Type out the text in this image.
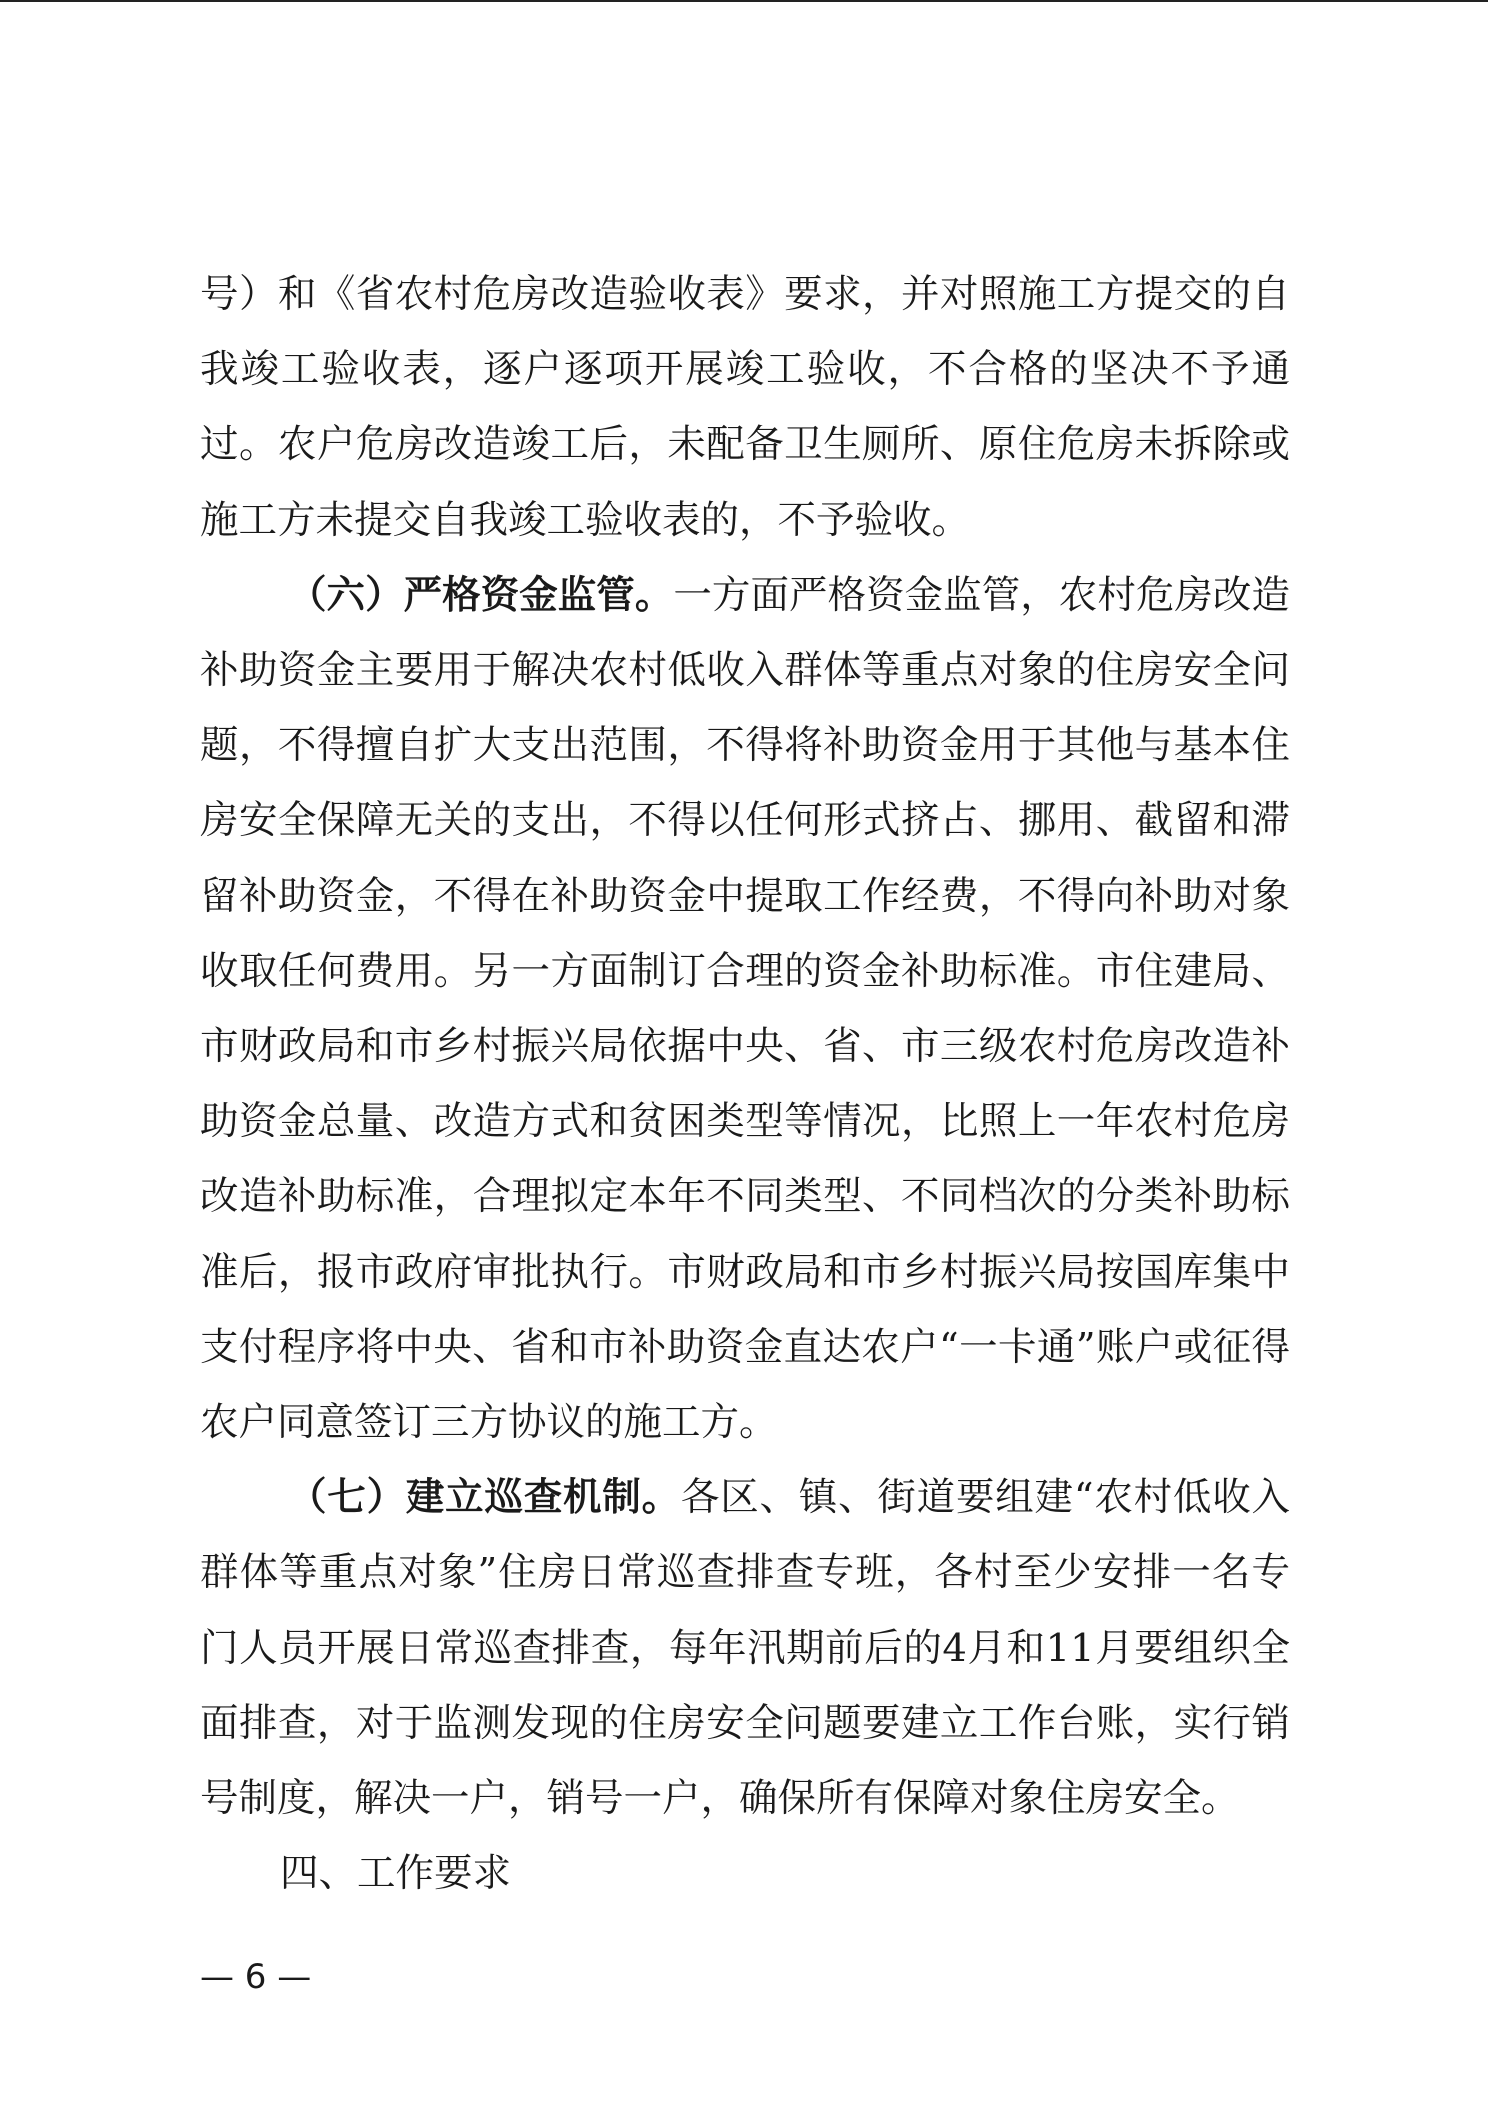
号）和《省农村危房改造验收表》要求，并对照施工方提交的自我竣工验收表，逐户逐项开展竣工验收，不合格的坚决不予通过。农户危房改造竣工后，未配备卫生厕所、原住危房未拆除或施工方未提交自我竣工验收表的，不予验收。

（六）严格资金监管。一方面严格资金监管，农村危房改造补助资金主要用于解决农村低收入群体等重点对象的住房安全问题，不得擅自扩大支出范围，不得将补助资金用于其他与基本住房安全保障无关的支出，不得以任何形式挤占、挪用、截留和滞留补助资金，不得在补助资金中提取工作经费，不得向补助对象收取任何费用。另一方面制订合理的资金补助标准。市住建局、市财政局和市乡村振兴局依据中央、省、市三级农村危房改造补助资金总量、改造方式和贫困类型等情况，比照上一年农村危房改造补助标准，合理拟定本年不同类型、不同档次的分类补助标准后，报市政府审批执行。市财政局和市乡村振兴局按国库集中支付程序将中央、省和市补助资金直达农户“一卡通”账户或征得农户同意签订三方协议的施工方。

（七）建立巡查机制。各区、镇、街道要组建“农村低收入群体等重点对象”住房日常巡查排查专班，各村至少安排一名专门人员开展日常巡查排查，每年汛期前后的4月和11月要组织全面排查，对于监测发现的住房安全问题要建立工作台账，实行销号制度，解决一户，销号一户，确保所有保障对象住房安全。

四、工作要求

— 6 —
